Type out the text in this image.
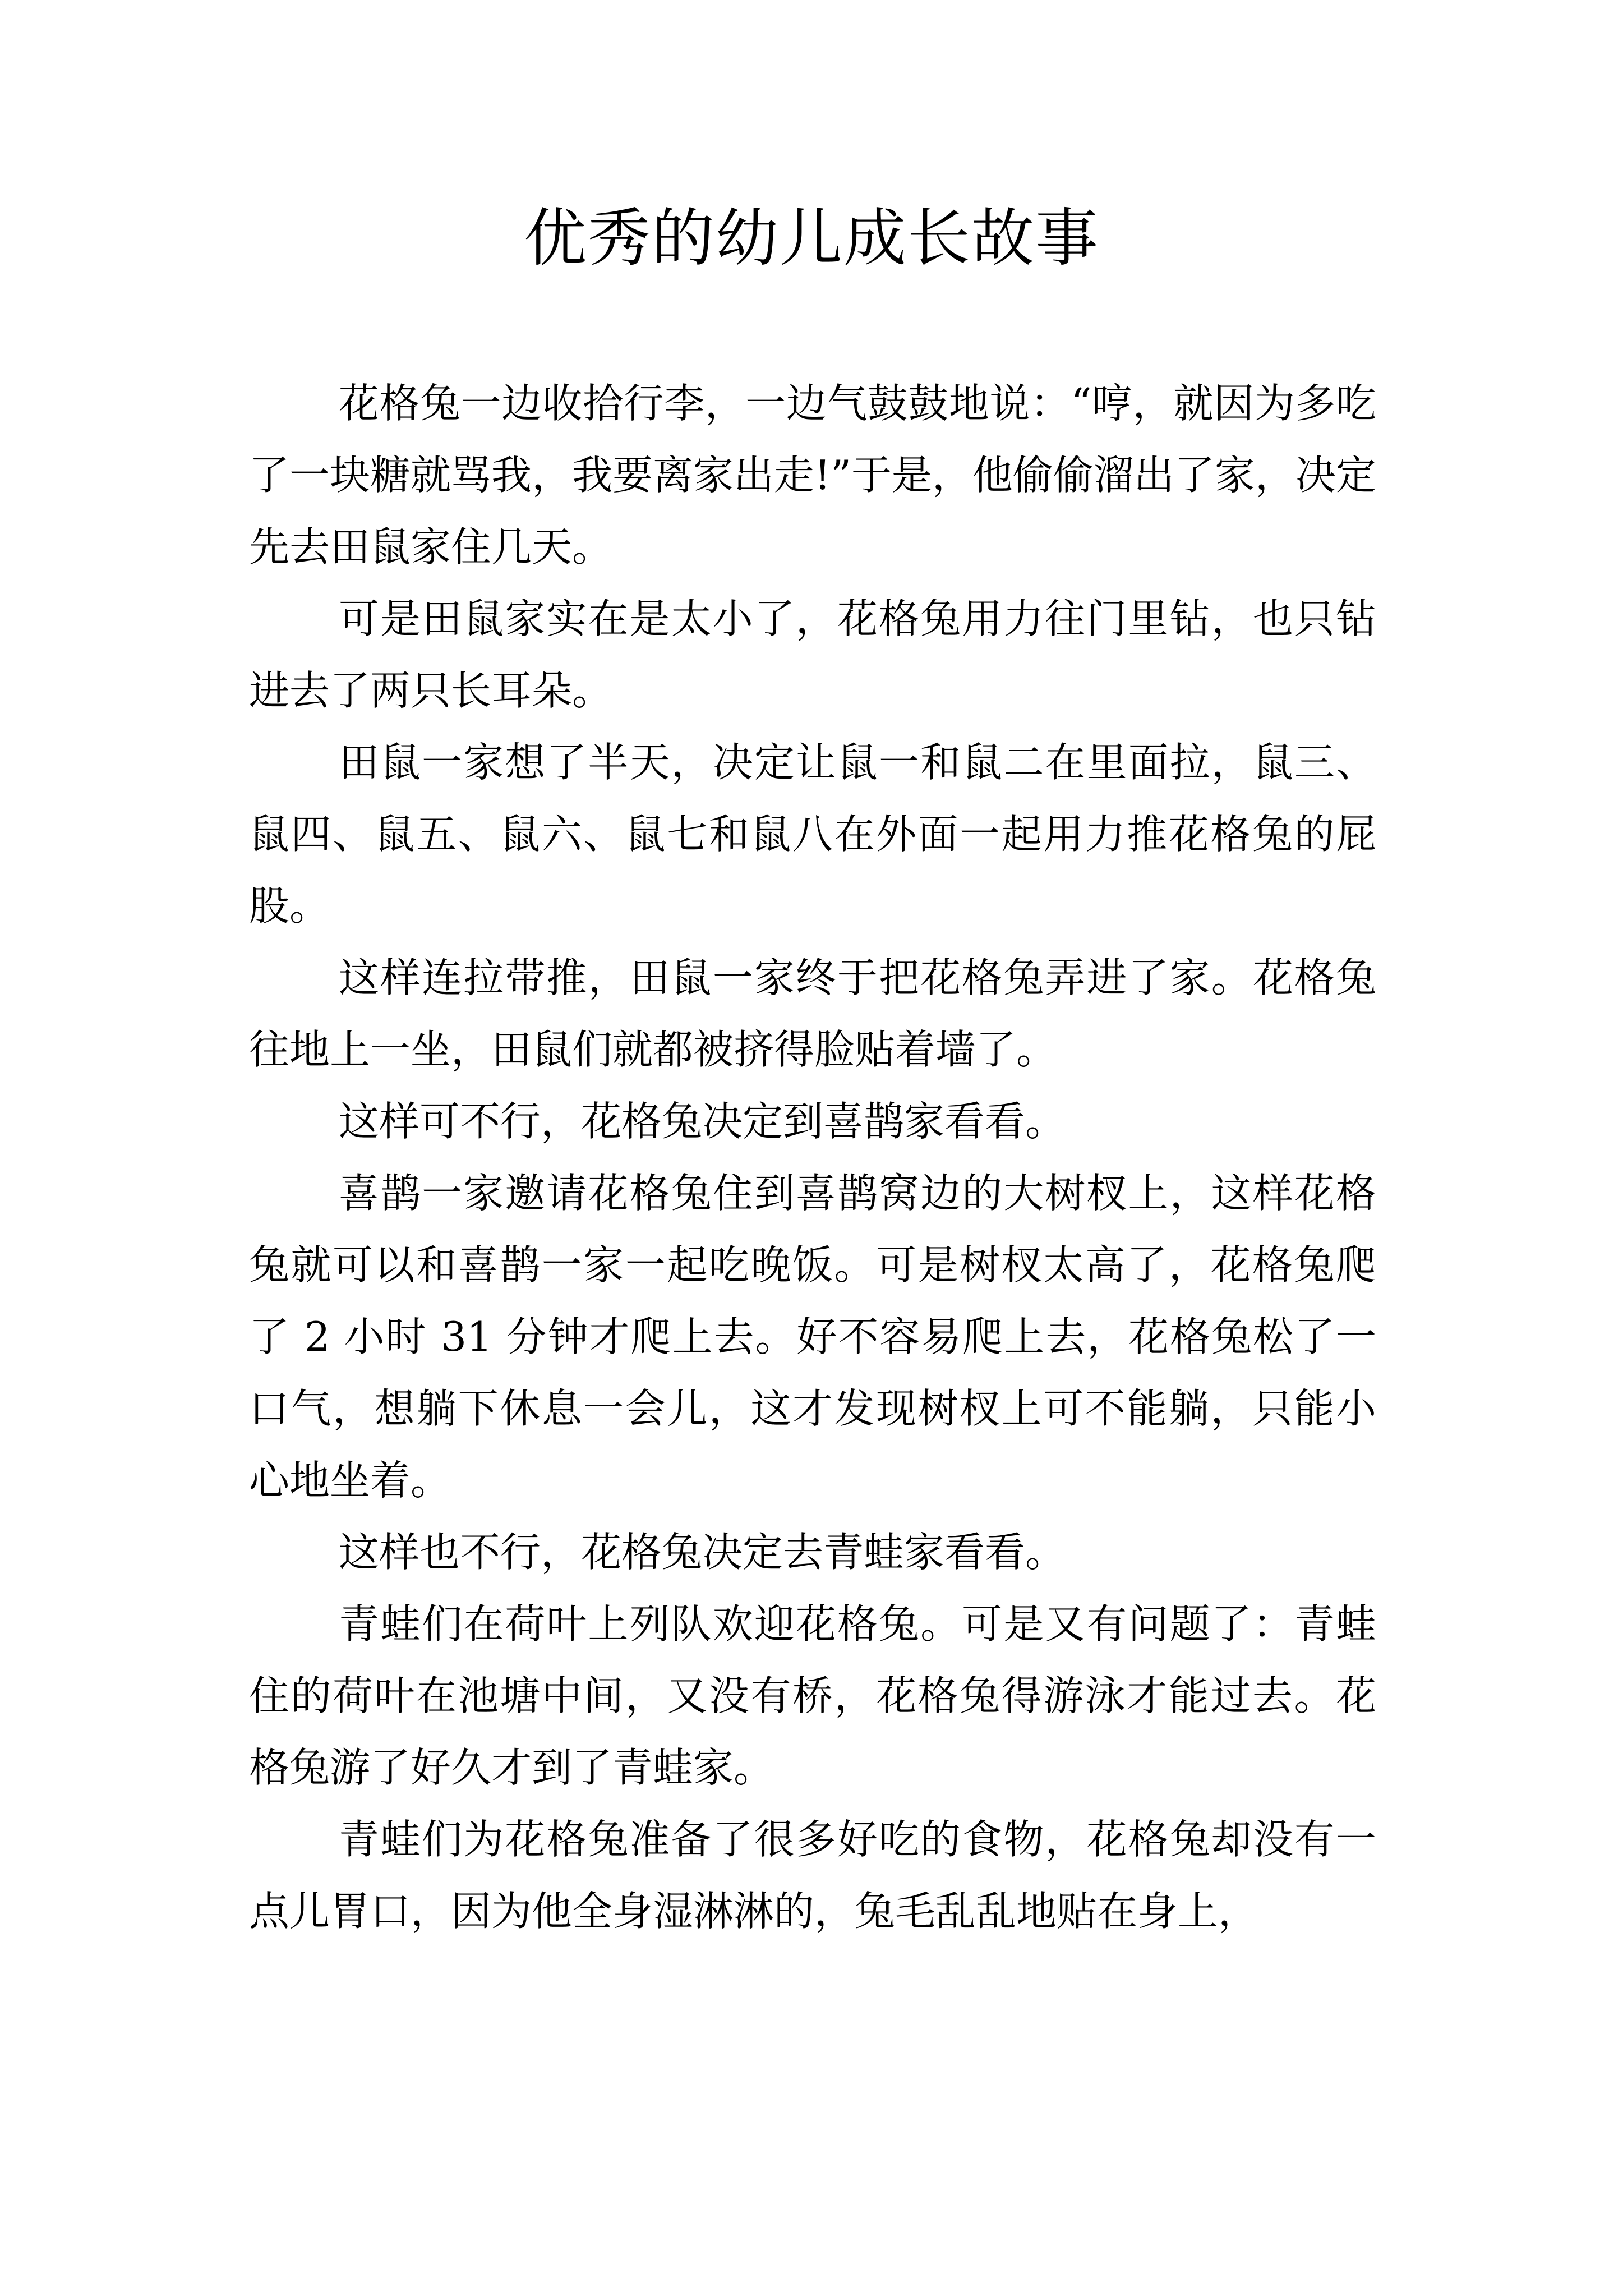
优秀的幼儿成长故事

花格兔一边收拾行李，一边气鼓鼓地说：“哼，就因为多吃了一块糖就骂我，我要离家出走!”于是，他偷偷溜出了家，决定先去田鼠家住几天。

可是田鼠家实在是太小了，花格兔用力往门里钻，也只钻进去了两只长耳朵。

田鼠一家想了半天，决定让鼠一和鼠二在里面拉，鼠三、鼠四、鼠五、鼠六、鼠七和鼠八在外面一起用力推花格兔的屁股。

这样连拉带推，田鼠一家终于把花格兔弄进了家。花格兔往地上一坐，田鼠们就都被挤得脸贴着墙了。

这样可不行，花格兔决定到喜鹊家看看。

喜鹊一家邀请花格兔住到喜鹊窝边的大树杈上，这样花格兔就可以和喜鹊一家一起吃晚饭。可是树杈太高了，花格兔爬了 2 小时 31 分钟才爬上去。好不容易爬上去，花格兔松了一口气，想躺下休息一会儿，这才发现树杈上可不能躺，只能小心地坐着。

这样也不行，花格兔决定去青蛙家看看。

青蛙们在荷叶上列队欢迎花格兔。可是又有问题了：青蛙住的荷叶在池塘中间，又没有桥，花格兔得游泳才能过去。花格兔游了好久才到了青蛙家。

青蛙们为花格兔准备了很多好吃的食物，花格兔却没有一点儿胃口，因为他全身湿淋淋的，兔毛乱乱地贴在身上，
